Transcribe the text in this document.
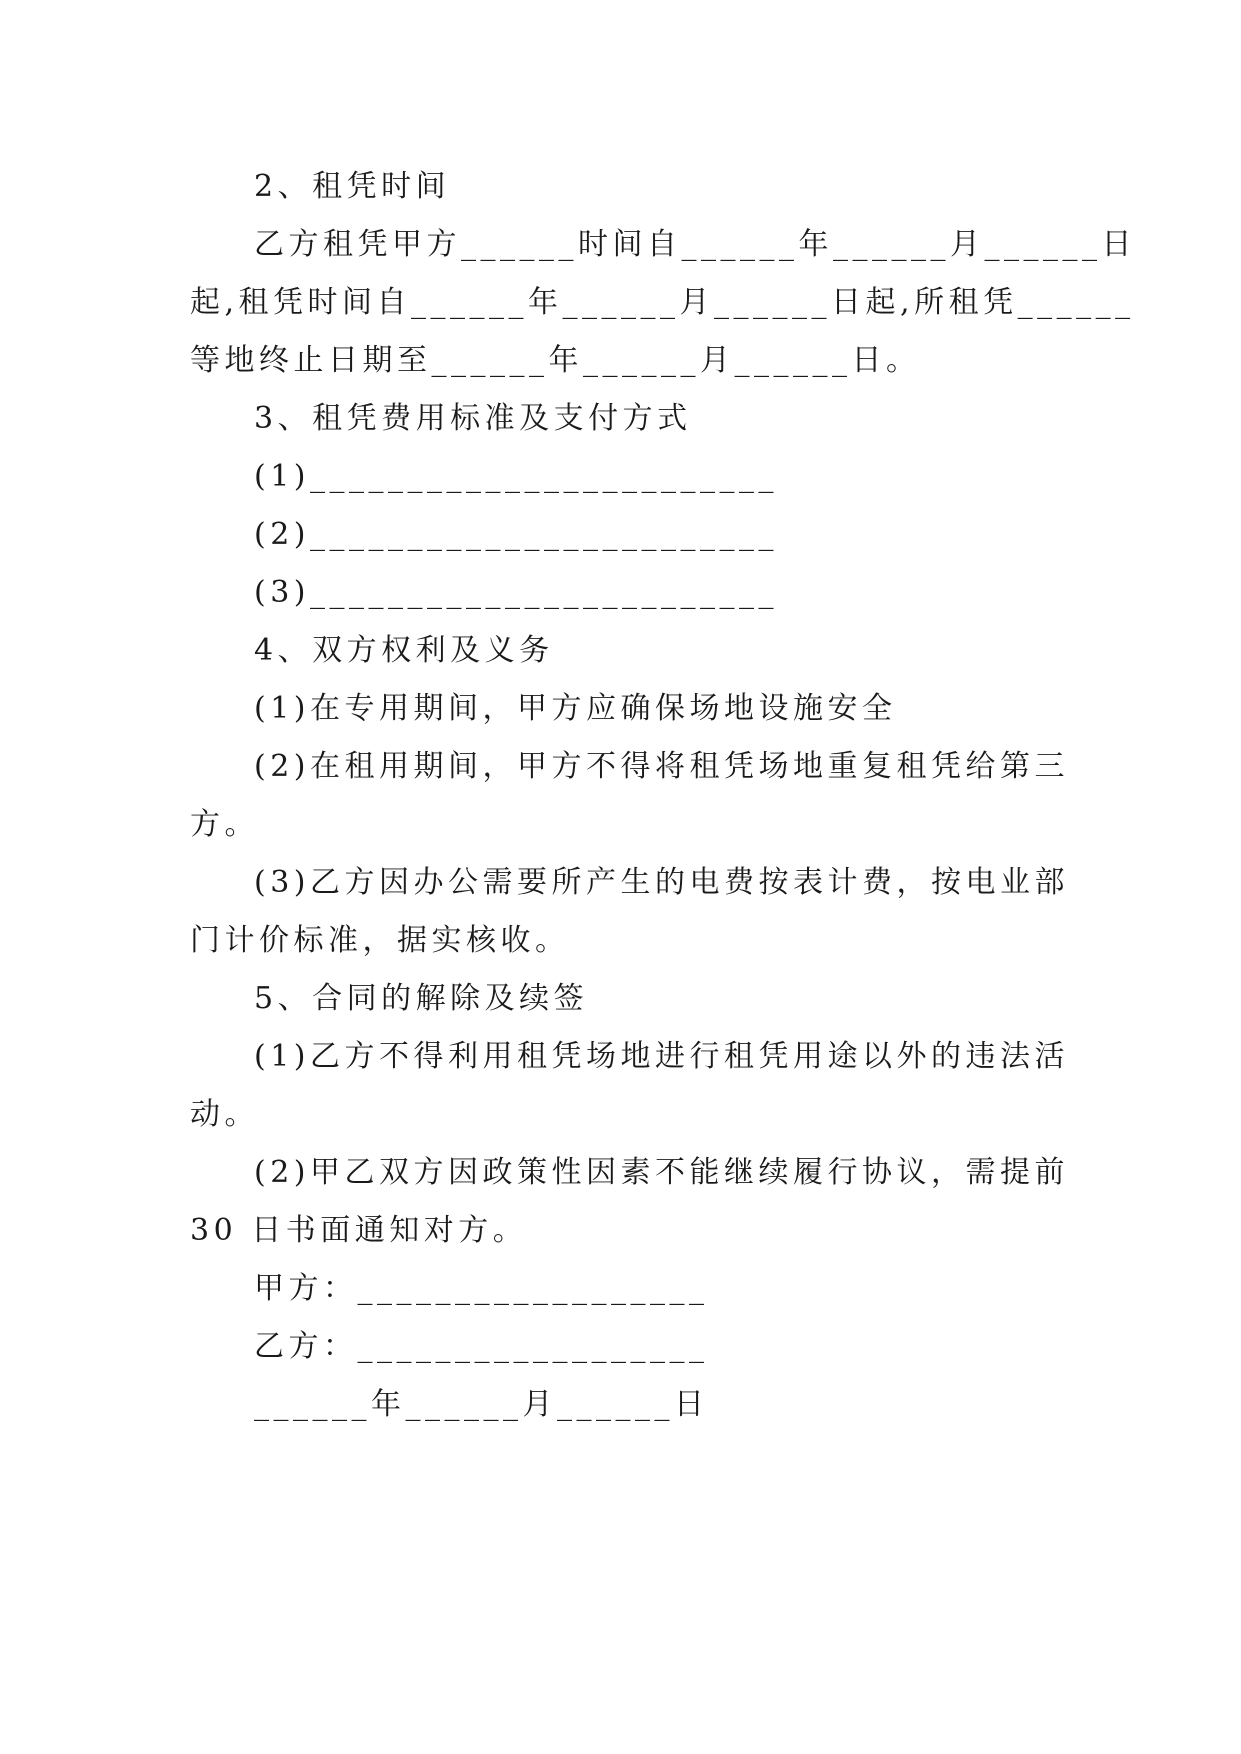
2、租凭时间
乙方租凭甲方______时间自______年______月______日
起,租凭时间自______年______月______日起,所租凭______
等地终止日期至______年______月______日。
3、租凭费用标准及支付方式
(1)________________________
(2)________________________
(3)________________________
4、双方权利及义务
(1)在专用期间，甲方应确保场地设施安全
(2)在租用期间，甲方不得将租凭场地重复租凭给第三
方。
(3)乙方因办公需要所产生的电费按表计费，按电业部
门计价标准，据实核收。
5、合同的解除及续签
(1)乙方不得利用租凭场地进行租凭用途以外的违法活
动。
(2)甲乙双方因政策性因素不能继续履行协议，需提前
30 日书面通知对方。
甲方：__________________
乙方：__________________
______年______月______日
